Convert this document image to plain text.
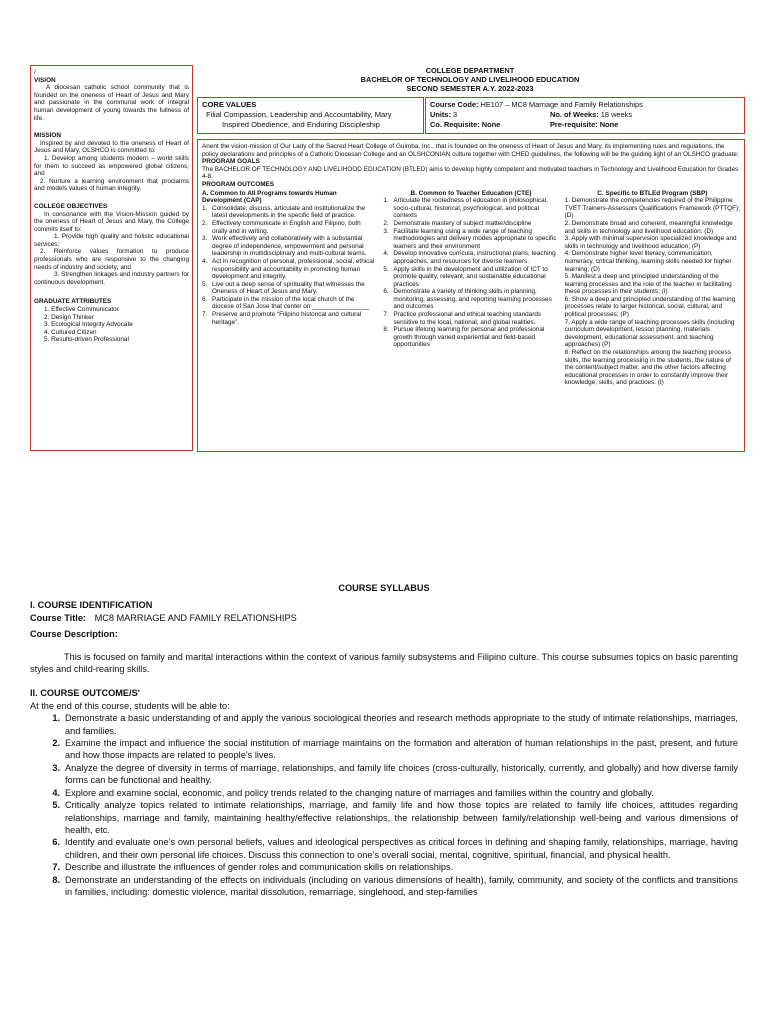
/

VISION

A diocesan catholic school community that is founded on the oneness of Heart of Jesus and Mary and passionate in the communal work of integral human development of young towards the fullness of life.

MISSION

Inspired by and devoted to the oneness of Heart of Jesus and Mary, OLSHCO is committed to:

1. Develop among students modern – world skills for them to succeed as empowered global citizens; and

2. Nurture a learning environment that proclaims and models values of human integrity.

COLLEGE OBJECTIVES

In consonance with the Vision-Mission guided by the oneness of Heart of Jesus and Mary, the College commits itself to:

1. Provide high quality and holistic educational services;

2. Reinforce values formation to produce professionals who are responsive to the changing needs of industry and society; and

3. Strengthen linkages and industry partners for continuous development.

GRADUATE ATTRIBUTES

1. Effective Communicator

2. Design Thinker

3. Ecological Integrity Advocate

4. Cultured Citizen

5. Results-driven Professional

COLLEGE DEPARTMENT
BACHELOR OF TECHNOLOGY AND LIVELIHOOD EDUCATION
SECOND SEMESTER A.Y. 2022-2023
CORE VALUES
Filial Compassion, Leadership and Accountability, Mary
Inspired Obedience, and Enduring Discipleship
Course Code: HE107 – MC8 Marriage and Family Relationships
Units: 3	No. of Weeks: 18 weeks
Co. Requisite: None	Pre-requisite: None

Anent the vision-mission of Our Lady of the Sacred Heart College of Guimba, Inc., that is founded on the oneness of Heart of Jesus and Mary, its implementing rules and regulations, the policy declarations and principles of a Catholic Diocesan College and an OLSHCONIAN culture together with CHED guidelines, the following will be the guiding light of an OLSHCO graduate:

PROGRAM GOALS

The BACHELOR OF TECHNOLOGY AND LIVELIHOOD EDUCATION (BTLED) aims to develop highly competent and motivated teachers in Technology and Livelihood Education for Grades 4-8.

PROGRAM OUTCOMES

A. Common to All Programs towards Human Development (CAP)
1. Consolidate, discuss, articulate and institutionalize the latest developments in the specific field of practice.
2. Effectively communicate in English and Filipino, both orally and in writing.
3. Work effectively and collaboratively with a substantial degree of independence, empowerment and personal leadership in multidisciplinary and multi-cultural teams.
4. Act in recognition of personal, professional, social, ethical responsibility and accountability in promoting human development and integrity.
5. Live out a deep sense of spirituality that witnesses the Oneness of Heart of Jesus and Mary.
6. Participate in the mission of the local church of the diocese of San Jose that center on ________________
7. Preserve and promote “Filipino historical and cultural heritage”.
B. Common to Teacher Education (CTE)
1. Articulate the rootedness of education in philosophical, socio-cultural, historical, psychological, and political contexts
2. Demonstrate mastery of subject matter/discipline
3. Facilitate learning using a wide range of teaching methodologies and delivery modes appropriate to specific learners and their environment
4. Develop innovative curricula, instructional plans, teaching approaches, and resources for diverse learners.
5. Apply skills in the development and utilization of ICT to promote quality, relevant, and sustainable educational practices
6. Demonstrate a variety of thinking skills in planning, monitoring, assessing, and reporting learning processes and outcomes
7. Practice professional and ethical teaching standards sensitive to the local, national, and global realities.
8. Pursue lifelong learning for personal and professional growth through varied experiential and field-based opportunities
C. Specific to BTLEd Program (SBP)
1. Demonstrate the competencies required of the Philippine TVET Trainers-Assessors Qualifications Framework (PTTQF); (D)
2. Demonstrate broad and coherent, meaningful knowledge and skills in technology and livelihood education; (D)
3. Apply with minimal supervision specialized knowledge and skills in technology and livelihood education; (P)
4. Demonstrate higher level literacy, communication, numeracy, critical thinking, learning skills needed for higher learning; (D)
5. Manifest a deep and principled understanding of the learning processes and the role of the teacher in facilitating these processes in their students; (I)
6. Show a deep and principled understanding of the learning processes relate to larger historical, social, cultural, and political processes; (P)
7. Apply a wide range of teaching processes skills (including curriculum development, lesson planning, materials development, educational assessment, and teaching approaches) (P)
8. Reflect on the relationships among the teaching process skills, the learning processing in the students, the nature of the content/subject matter, and the other factors affecting educational processes in order to constantly improve their knowledge, skills, and practices. (I)
COURSE SYLLABUS
I. COURSE IDENTIFICATION
Course Title: MC8 MARRIAGE AND FAMILY RELATIONSHIPS
Course Description:

This is focused on family and marital interactions within the context of various family subsystems and Filipino culture. This course subsumes topics on basic parenting styles and child-rearing skills.

II. COURSE OUTCOME/S'
At the end of this course, students will be able to:
1. Demonstrate a basic understanding of and apply the various sociological theories and research methods appropriate to the study of intimate relationships, marriages, and families.
2. Examine the impact and influence the social institution of marriage maintains on the formation and alteration of human relationships in the past, present, and future and how those impacts are related to people’s lives.
3. Analyze the degree of diversity in terms of marriage, relationships, and family life choices (cross-culturally, historically, currently, and globally) and how diverse family forms can be functional and healthy.
4. Explore and examine social, economic, and policy trends related to the changing nature of marriages and families within the country and globally.
5. Critically analyze topics related to intimate relationships, marriage, and family life and how those topics are related to family life choices, attitudes regarding relationships, marriage and family, maintaining healthy/effective relationships, the relationship between family/relationship well-being and various dimensions of health, etc.
6. Identify and evaluate one’s own personal beliefs, values and ideological perspectives as critical forces in defining and shaping family, relationships, marriage, having children, and their own personal life choices. Discuss this connection to one’s overall social, mental, cognitive, spiritual, financial, and physical health.
7. Describe and illustrate the influences of gender roles and communication skills on relationships.
8. Demonstrate an understanding of the effects on individuals (including on various dimensions of health), family, community, and society of the conflicts and transitions in families, including: domestic violence, marital dissolution, remarriage, singlehood, and step-families
